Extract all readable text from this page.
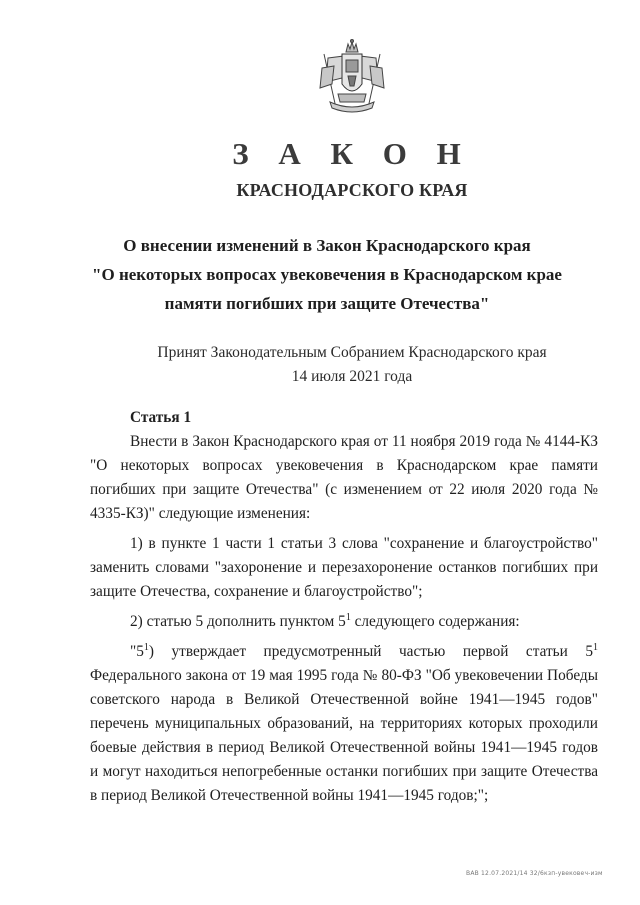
З А К О Н
КРАСНОДАРСКОГО КРАЯ
О внесении изменений в Закон Краснодарского края
"О некоторых вопросах увековечения в Краснодарском крае
памяти погибших при защите Отечества"
Принят Законодательным Собранием Краснодарского края
14 июля 2021 года
Статья 1

Внести в Закон Краснодарского края от 11 ноября 2019 года № 4144-КЗ "О некоторых вопросах увековечения в Краснодарском крае памяти погибших при защите Отечества" (с изменением от 22 июля 2020 года № 4335-КЗ)" следующие изменения:

1) в пункте 1 части 1 статьи 3 слова "сохранение и благоустройство" заменить словами "захоронение и перезахоронение останков погибших при защите Отечества, сохранение и благоустройство";

2) статью 5 дополнить пунктом $5^1$ следующего содержания:

"$5^1$) утверждает предусмотренный частью первой статьи $5^1$ Федерального закона от 19 мая 1995 года № 80-ФЗ "Об увековечении Победы советского народа в Великой Отечественной войне 1941—1945 годов" перечень муниципальных образований, на территориях которых проходили боевые действия в период Великой Отечественной войны 1941—1945 годов и могут находиться непогребенные останки погибших при защите Отечества в период Великой Отечественной войны 1941—1945 годов;";

ВАВ 12.07.2021/14 32/6кзп-увековеч-изм
